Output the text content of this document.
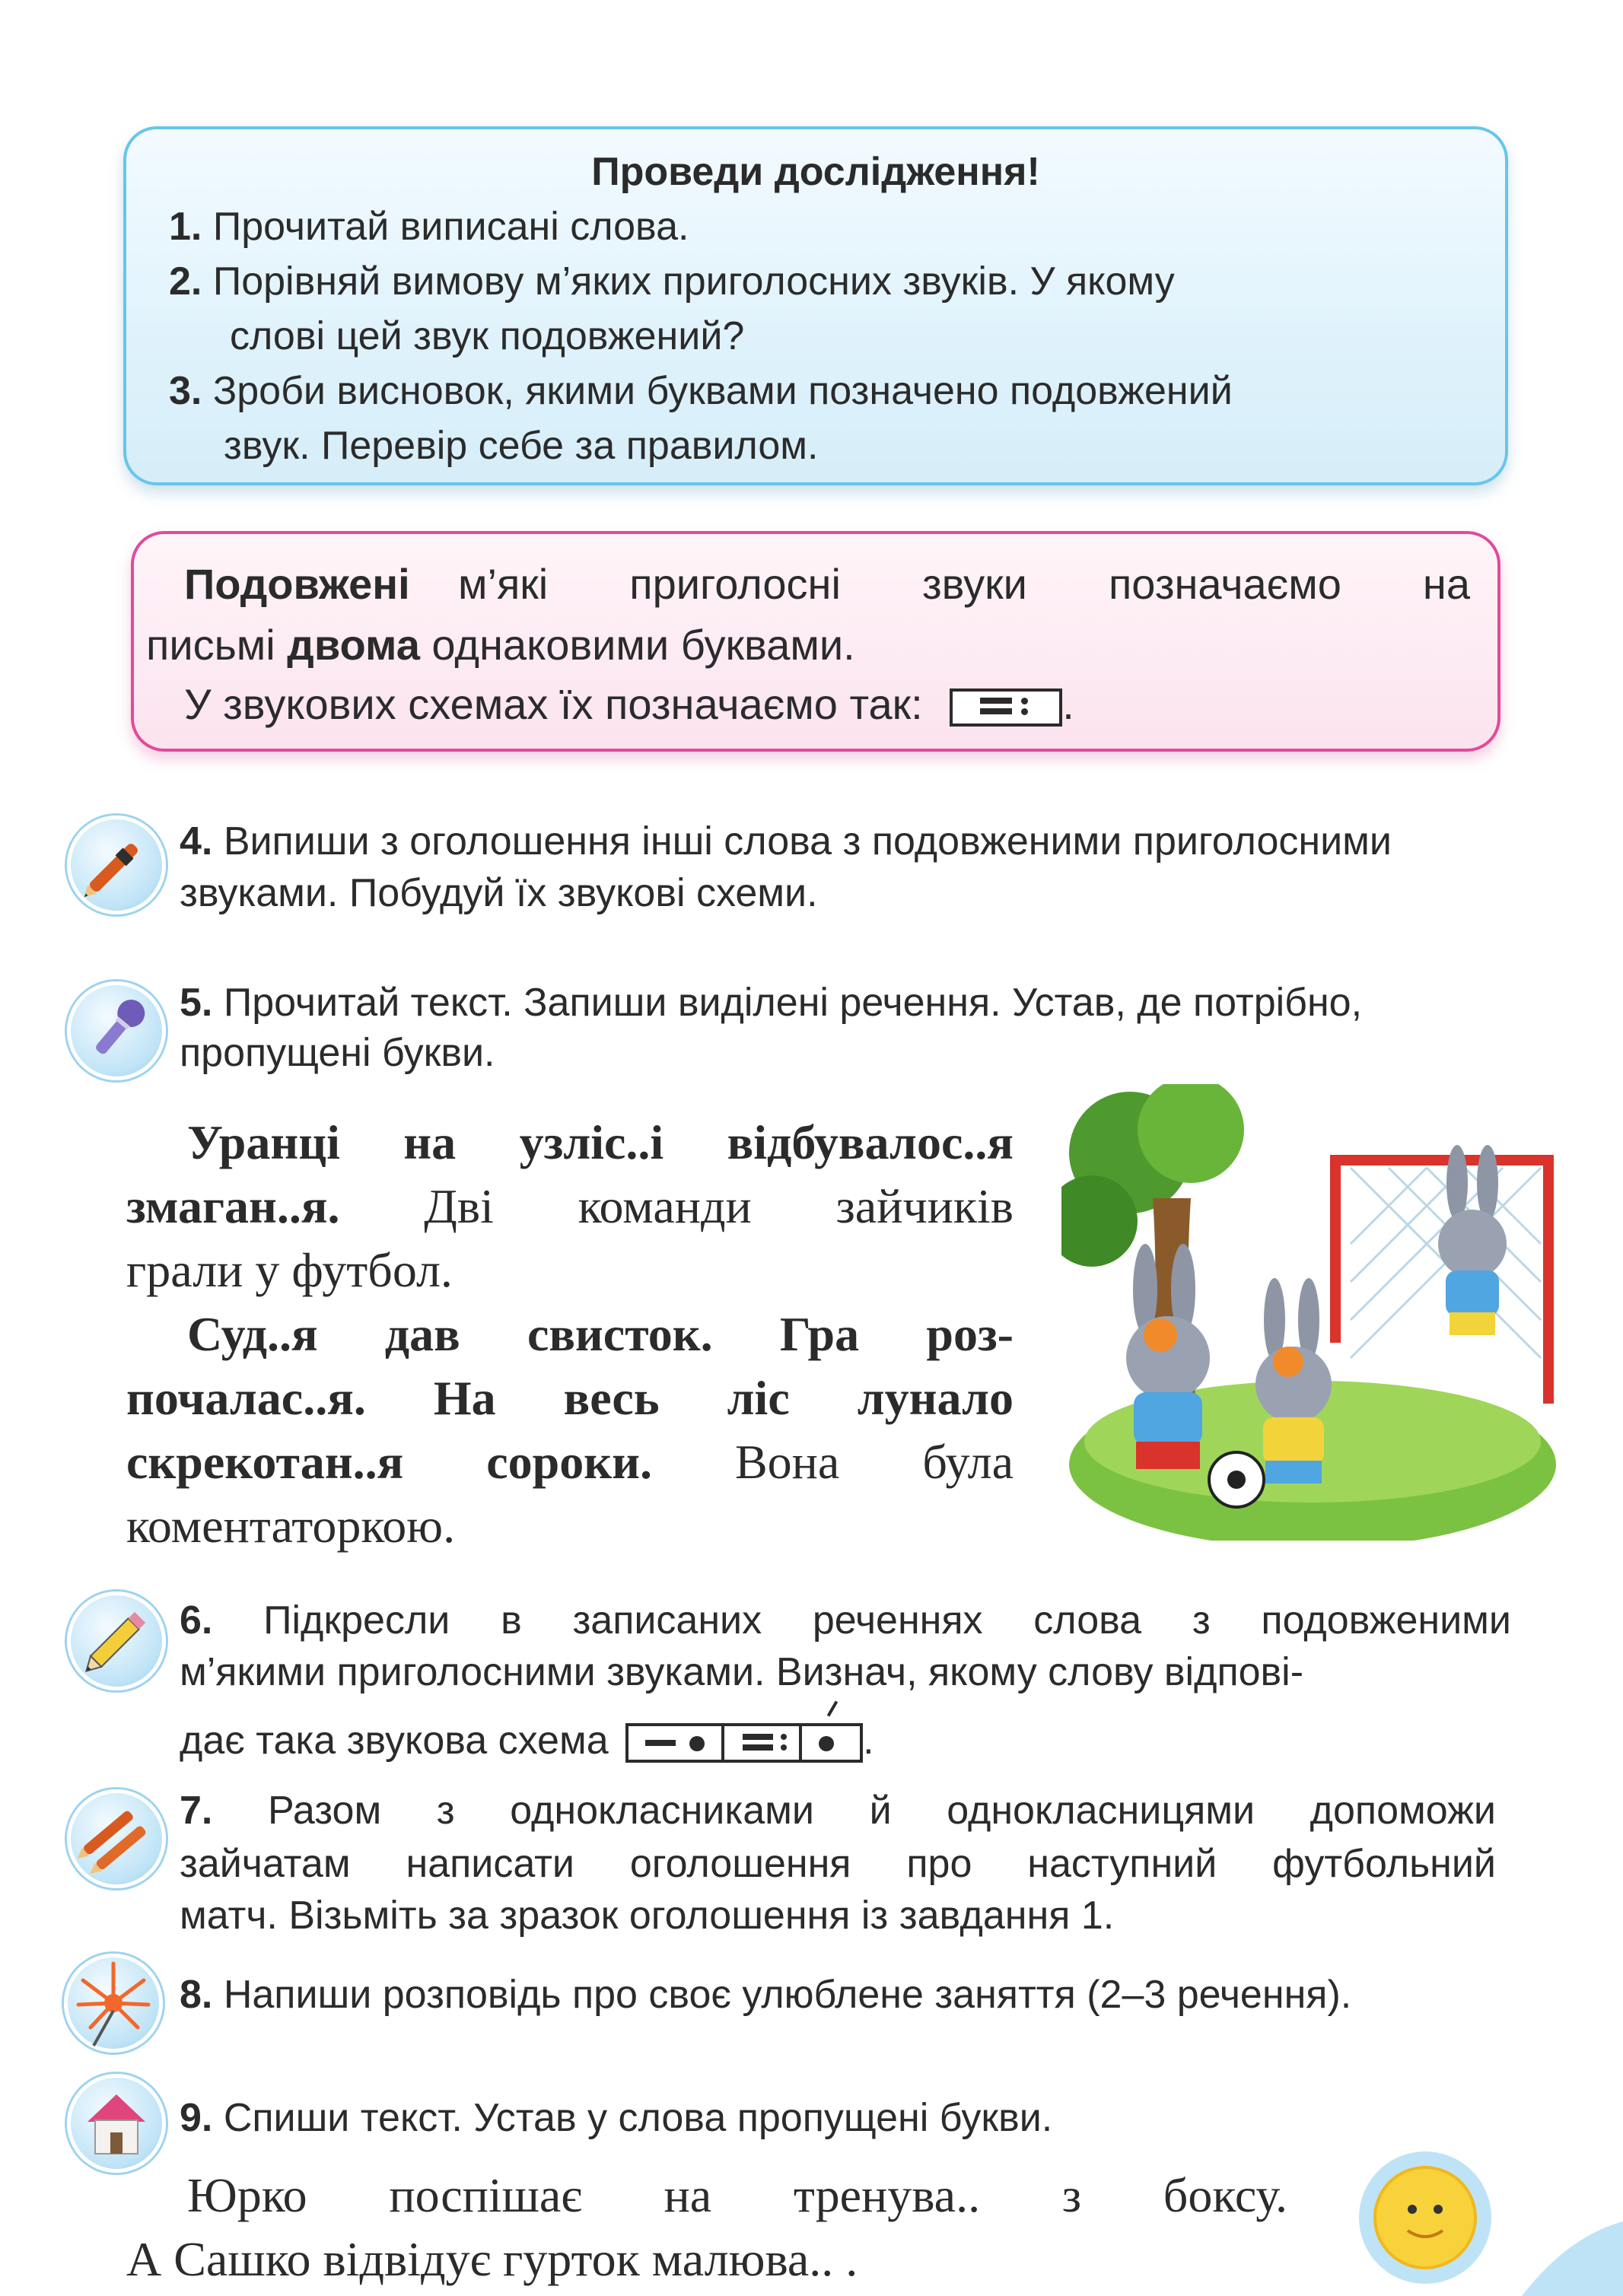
Проведи дослідження!
1. Прочитай виписані слова.
2. Порівняй вимову м’яких приголосних звуків. У якому
слові цей звук подовжений?
3. Зроби висновок, якими буквами позначено подовжений
звук. Перевір себе за правилом.
Подовжені м’які приголосні звуки позначаємо на
письмі двома однаковими буквами.
У звукових схемах їх позначаємо так:	.
4. Випиши з оголошення інші слова з подовженими приголосними
звуками. Побудуй їх звукові схеми.
5. Прочитай текст. Запиши виділені речення. Устав, де потрібно,
пропущені букви.
Уранці на узліс..і відбувалос..я
змаган..я. Дві команди зайчиків
грали у футбол.
Суд..я дав свисток. Гра роз-
почалас..я. На весь ліс лунало
скрекотан..я сороки. Вона була
коментаторкою.
6. Підкресли в записаних реченнях слова з подовженими
м’якими приголосними звуками. Визнач, якому слову відпові-
дає така звукова схема	.
7. Разом з однокласниками й однокласницями допоможи
зайчатам написати оголошення про наступний футбольний
матч. Візьміть за зразок оголошення із завдання 1.
8. Напиши розповідь про своє улюблене заняття (2–3 речення).
9. Спиши текст. Устав у слова пропущені букви.
Юрко поспішає на тренува.. з боксу.
А Сашко відвідує гурток малюва.. .
